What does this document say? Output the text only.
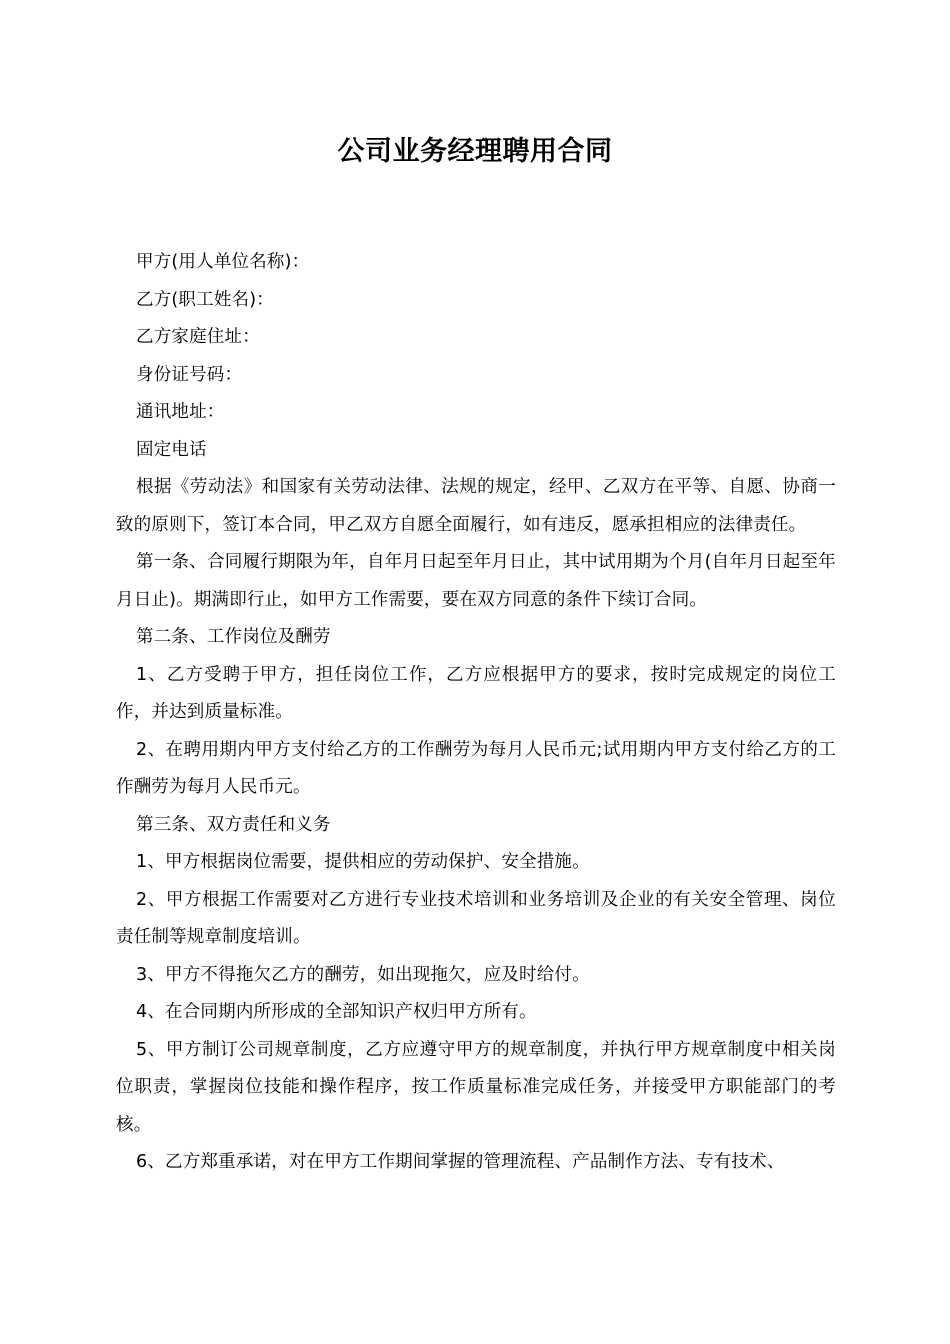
公司业务经理聘用合同

甲方(用人单位名称)：

乙方(职工姓名)：

乙方家庭住址：

身份证号码：

通讯地址：

固定电话

根据《劳动法》和国家有关劳动法律、法规的规定，经甲、乙双方在平等、自愿、协商一致的原则下，签订本合同，甲乙双方自愿全面履行，如有违反，愿承担相应的法律责任。

第一条、合同履行期限为年，自年月日起至年月日止，其中试用期为个月(自年月日起至年月日止)。期满即行止，如甲方工作需要，要在双方同意的条件下续订合同。

第二条、工作岗位及酬劳

1、乙方受聘于甲方，担任岗位工作，乙方应根据甲方的要求，按时完成规定的岗位工作，并达到质量标准。

2、在聘用期内甲方支付给乙方的工作酬劳为每月人民币元;试用期内甲方支付给乙方的工作酬劳为每月人民币元。

第三条、双方责任和义务

1、甲方根据岗位需要，提供相应的劳动保护、安全措施。

2、甲方根据工作需要对乙方进行专业技术培训和业务培训及企业的有关安全管理、岗位责任制等规章制度培训。

3、甲方不得拖欠乙方的酬劳，如出现拖欠，应及时给付。

4、在合同期内所形成的全部知识产权归甲方所有。

5、甲方制订公司规章制度，乙方应遵守甲方的规章制度，并执行甲方规章制度中相关岗位职责，掌握岗位技能和操作程序，按工作质量标准完成任务，并接受甲方职能部门的考核。

6、乙方郑重承诺，对在甲方工作期间掌握的管理流程、产品制作方法、专有技术、
